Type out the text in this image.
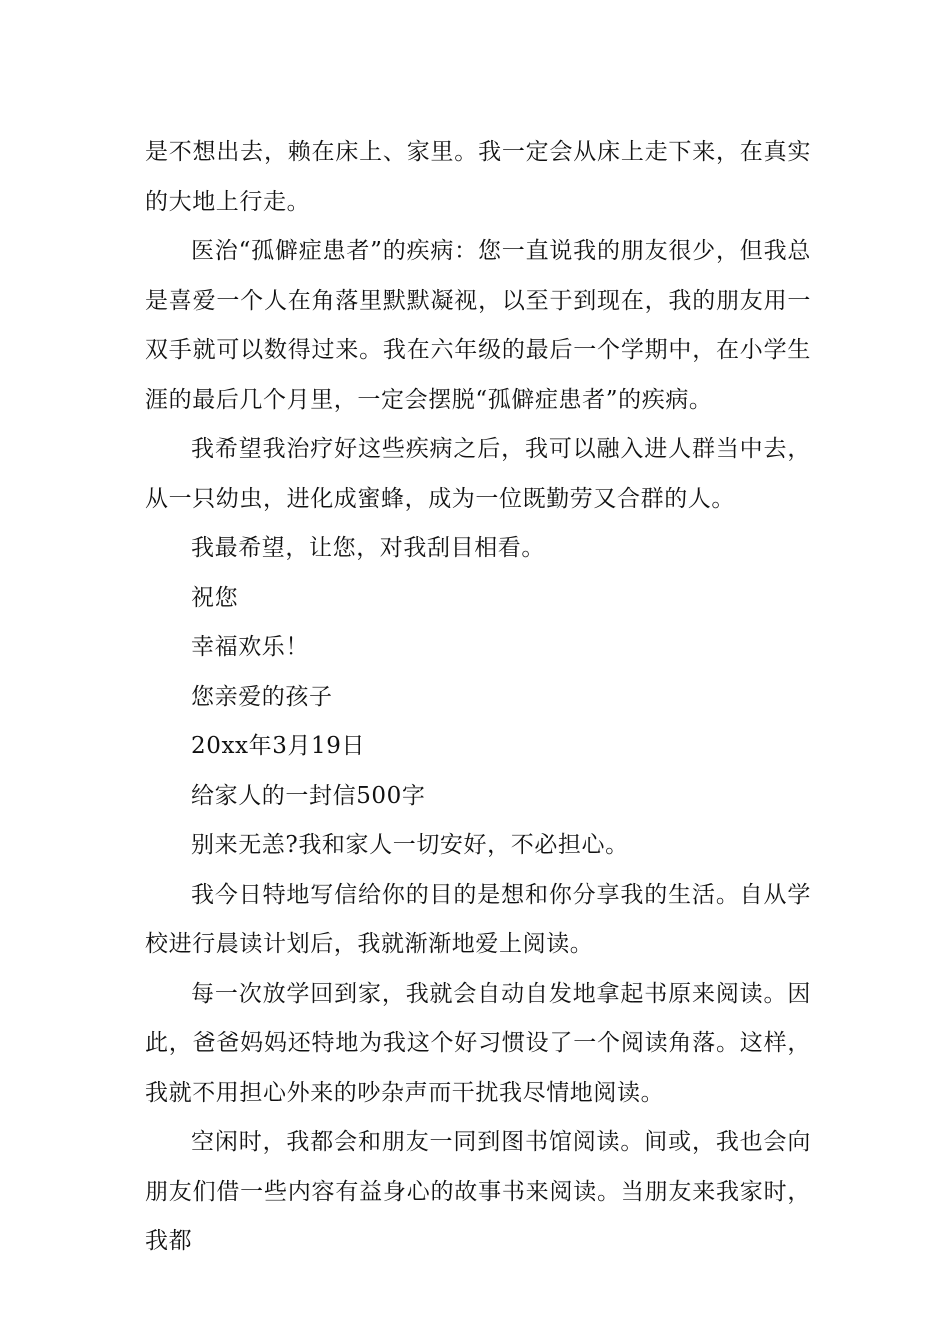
是不想出去，赖在床上、家里。我一定会从床上走下来，在真实的大地上行走。

医治“孤僻症患者”的疾病：您一直说我的朋友很少，但我总是喜爱一个人在角落里默默凝视，以至于到现在，我的朋友用一双手就可以数得过来。我在六年级的最后一个学期中，在小学生涯的最后几个月里，一定会摆脱“孤僻症患者”的疾病。

我希望我治疗好这些疾病之后，我可以融入进人群当中去，从一只幼虫，进化成蜜蜂，成为一位既勤劳又合群的人。

我最希望，让您，对我刮目相看。

祝您

幸福欢乐！

您亲爱的孩子

20xx年3月19日

给家人的一封信500字

别来无恙?我和家人一切安好，不必担心。

我今日特地写信给你的目的是想和你分享我的生活。自从学校进行晨读计划后，我就渐渐地爱上阅读。

每一次放学回到家，我就会自动自发地拿起书原来阅读。因此，爸爸妈妈还特地为我这个好习惯设了一个阅读角落。这样，我就不用担心外来的吵杂声而干扰我尽情地阅读。

空闲时，我都会和朋友一同到图书馆阅读。间或，我也会向朋友们借一些内容有益身心的故事书来阅读。当朋友来我家时，我都
